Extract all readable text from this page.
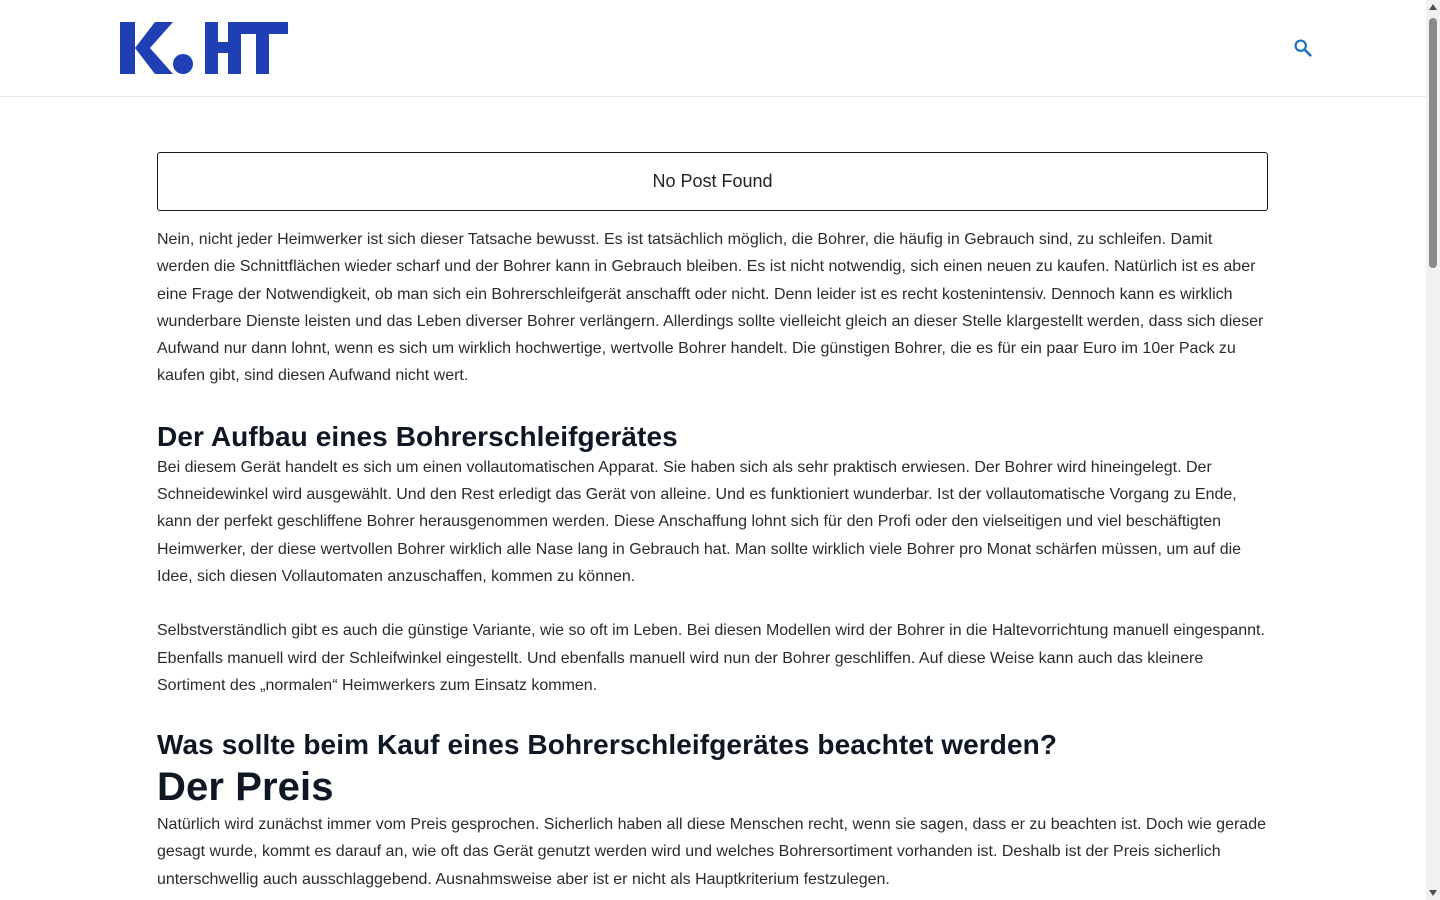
No Post Found

Nein, nicht jeder Heimwerker ist sich dieser Tatsache bewusst. Es ist tatsächlich möglich, die Bohrer, die häufig in Gebrauch sind, zu schleifen. Damit werden die Schnittflächen wieder scharf und der Bohrer kann in Gebrauch bleiben. Es ist nicht notwendig, sich einen neuen zu kaufen. Natürlich ist es aber eine Frage der Notwendigkeit, ob man sich ein Bohrerschleifgerät anschafft oder nicht. Denn leider ist es recht kostenintensiv. Dennoch kann es wirklich wunderbare Dienste leisten und das Leben diverser Bohrer verlängern. Allerdings sollte vielleicht gleich an dieser Stelle klargestellt werden, dass sich dieser Aufwand nur dann lohnt, wenn es sich um wirklich hochwertige, wertvolle Bohrer handelt. Die günstigen Bohrer, die es für ein paar Euro im 10er Pack zu kaufen gibt, sind diesen Aufwand nicht wert.

Der Aufbau eines Bohrerschleifgerätes

Bei diesem Gerät handelt es sich um einen vollautomatischen Apparat. Sie haben sich als sehr praktisch erwiesen. Der Bohrer wird hineingelegt. Der Schneidewinkel wird ausgewählt. Und den Rest erledigt das Gerät von alleine. Und es funktioniert wunderbar. Ist der vollautomatische Vorgang zu Ende, kann der perfekt geschliffene Bohrer herausgenommen werden. Diese Anschaffung lohnt sich für den Profi oder den vielseitigen und viel beschäftigten Heimwerker, der diese wertvollen Bohrer wirklich alle Nase lang in Gebrauch hat. Man sollte wirklich viele Bohrer pro Monat schärfen müssen, um auf die Idee, sich diesen Vollautomaten anzuschaffen, kommen zu können.

Selbstverständlich gibt es auch die günstige Variante, wie so oft im Leben. Bei diesen Modellen wird der Bohrer in die Haltevorrichtung manuell eingespannt. Ebenfalls manuell wird der Schleifwinkel eingestellt. Und ebenfalls manuell wird nun der Bohrer geschliffen. Auf diese Weise kann auch das kleinere Sortiment des „normalen“ Heimwerkers zum Einsatz kommen.

Was sollte beim Kauf eines Bohrerschleifgerätes beachtet werden?
Der Preis

Natürlich wird zunächst immer vom Preis gesprochen. Sicherlich haben all diese Menschen recht, wenn sie sagen, dass er zu beachten ist. Doch wie gerade gesagt wurde, kommt es darauf an, wie oft das Gerät genutzt werden wird und welches Bohrersortiment vorhanden ist. Deshalb ist der Preis sicherlich unterschwellig auch ausschlaggebend. Ausnahmsweise aber ist er nicht als Hauptkriterium festzulegen.
